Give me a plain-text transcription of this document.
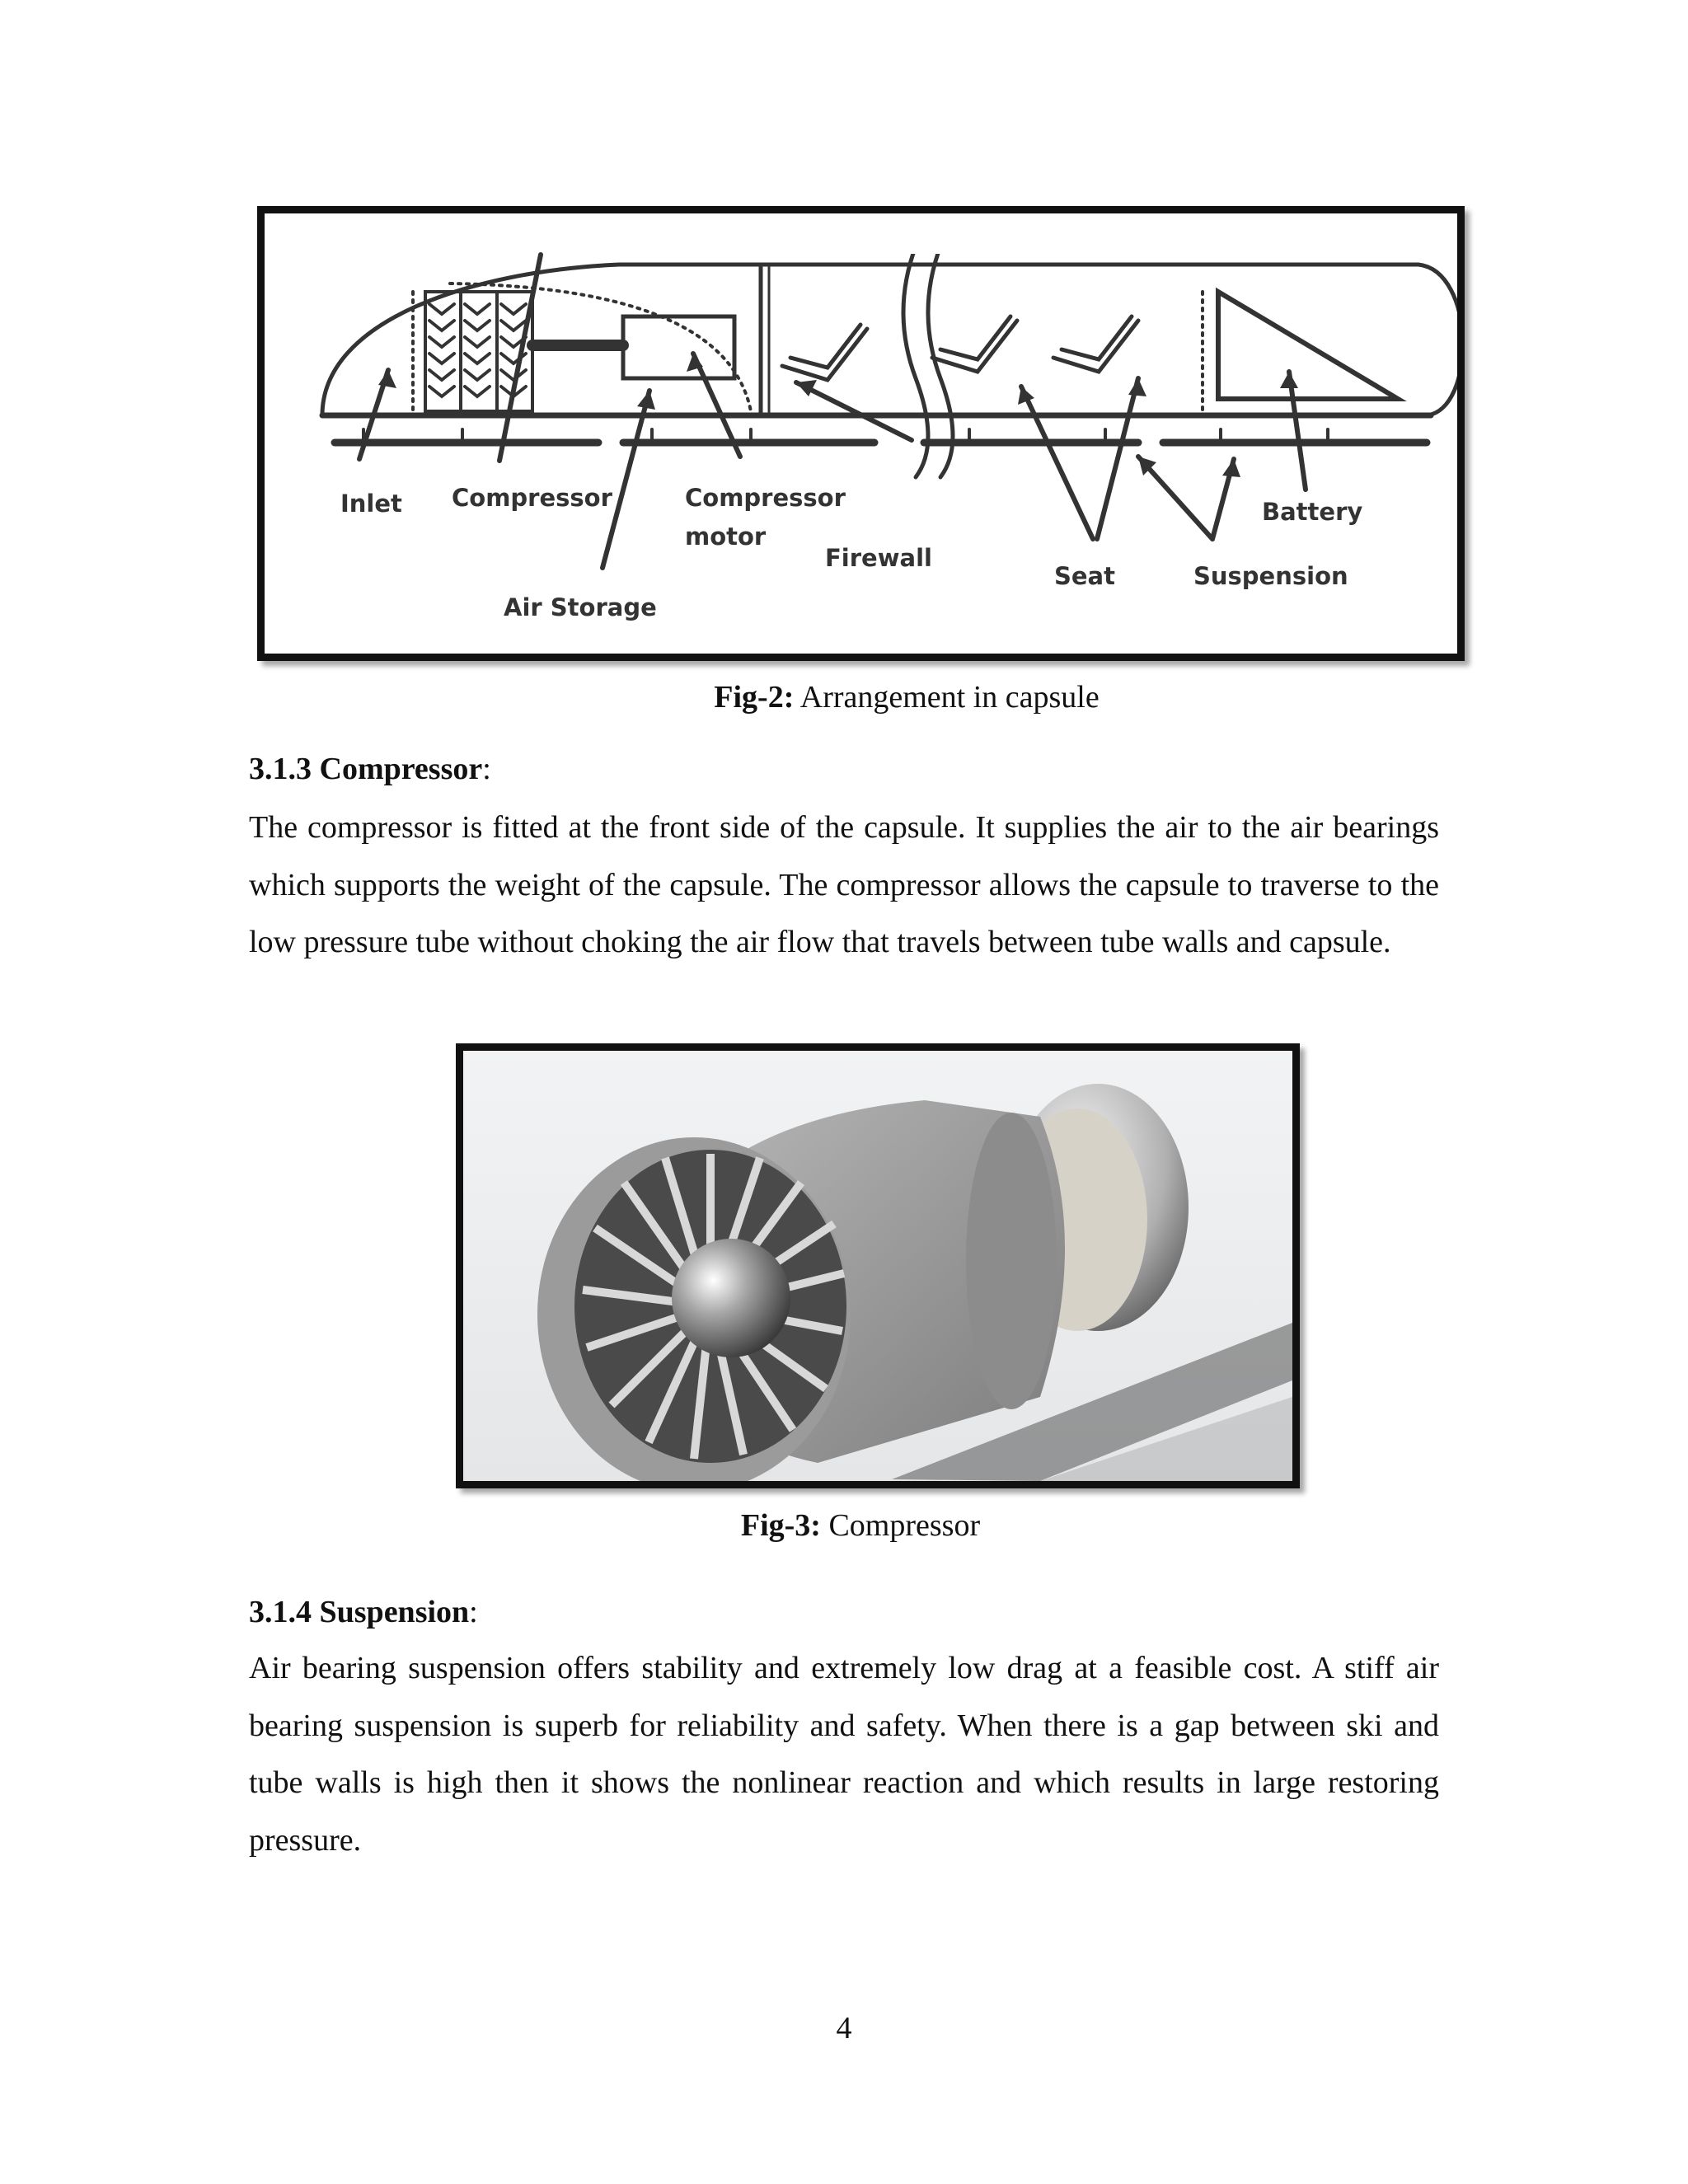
Inlet Compressor	Compressor
motor
Firewall
Battery
Seat	Suspension
Air Storage
Fig-2: Arrangement in capsule
3.1.3 Compressor:
The compressor is fitted at the front side of the capsule. It supplies the air to the air bearings which supports the weight of the capsule. The compressor allows the capsule to traverse to the low pressure tube without choking the air flow that travels between tube walls and capsule.
Fig-3: Compressor
3.1.4 Suspension:
Air bearing suspension offers stability and extremely low drag at a feasible cost. A stiff air bearing suspension is superb for reliability and safety. When there is a gap between ski and tube walls is high then it shows the nonlinear reaction and which results in large restoring pressure.
4
